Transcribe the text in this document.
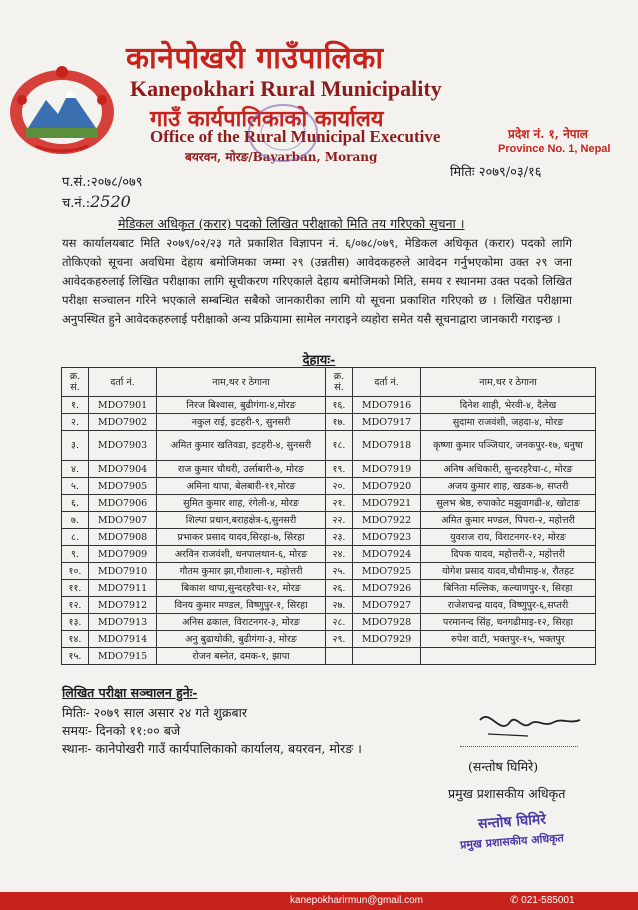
कानेपोखरी गाउँपालिका
Kanepokhari Rural Municipality
गाउँ कार्यपालिकाको कार्यालय
Office of the Rural Municipal Executive
बयरवन, मोरङ/Bayarban, Morang
प्रदेश नं. १, नेपाल
Province No. 1, Nepal
प.सं.:२०७८/०७९
च.नं.:2520
मितिः २०७९/०३/१६
मेडिकल अधिकृत (करार) पदको लिखित परीक्षाको मिति तय गरिएको सुचना ।
यस कार्यालयबाट मिति २०७९/०२/२३ गते प्रकाशित विज्ञापन नं. ६/०७८/०७९, मेडिकल अधिकृत (करार) पदको लागि तोकिएको सूचना अवधिमा देहाय बमोजिमका जम्मा २९ (उन्नतीस) आवेदकहरुले आवेदन गर्नुभएकोमा उक्त २९ जना आवेदकहरुलाई लिखित परीक्षाका लागि सूचीकरण गरिएकाले देहाय बमोजिमको मिति, समय र स्थानमा उक्त पदको लिखित परीक्षा सञ्चालन गरिने भएकाले सम्बन्धित सबैको जानकारीका लागि यो सूचना प्रकाशित गरिएको छ । लिखित परीक्षामा अनुपस्थित हुने आवेदकहरुलाई परीक्षाको अन्य प्रक्रियामा सामेल नगराइने व्यहोरा समेत यसै सूचनाद्वारा जानकारी गराइन्छ ।
देहायः-
क्र. सं.	दर्ता नं.	नाम,थर र ठेगाना	क्र. सं.	दर्ता नं.	नाम,थर र ठेगाना
१.	MDO7901	निरज बिश्वास, बुढीगंगा-४,मोरङ	१६.	MDO7916	दिनेश शाही, भेरवी-४, दैलेख
२.	MDO7902	नकुल राई, इटहरी-९, सुनसरी	१७.	MDO7917	सुदामा राजवंशी, जहदा-४, मोरङ
३.	MDO7903	अमित कुमार खतिवडा, इटहरी-४, सुनसरी	१८.	MDO7918	कृष्णा कुमार पञ्जियार, जनकपुर-१७, धनुषा
४.	MDO7904	राज कुमार चौधरी, उर्लाबारी-७, मोरङ	१९.	MDO7919	अनिष अधिकारी, सुन्दरहरैचा-८, मोरङ
५.	MDO7905	अमिना थापा, बेलबारी-११,मोरङ	२०.	MDO7920	अजय कुमार शाह, खडक-७, सप्तरी
६.	MDO7906	सुमित कुमार शाह, रंगेली-४, मोरङ	२१.	MDO7921	सुलभ श्रेष्ठ, रुपाकोट मझुवागढी-४, खोटाङ
७.	MDO7907	शिल्पा प्रधान,बराहक्षेत्र-६,सुनसरी	२२.	MDO7922	अमित कुमार मण्डल, पिपरा-२, महोत्तरी
८.	MDO7908	प्रभाकर प्रसाद यादव,सिरहा-७, सिरहा	२३.	MDO7923	युवराज राय, विराटनगर-१२, मोरङ
९.	MDO7909	अरविन राजवंशी, धनपालथान-६, मोरङ	२४.	MDO7924	दिपक यादव, महोत्तरी-२, महोत्तरी
१०.	MDO7910	गौतम कुमार झा,गौशाला-१, महोत्तरी	२५.	MDO7925	योगेश प्रसाद यादव,चौधीमाइ-४, रौतहट
११.	MDO7911	बिकाश थापा,सुन्दरहरैचा-१२, मोरङ	२६.	MDO7926	बिनिता मल्लिक, कल्याणपुर-१, सिरहा
१२.	MDO7912	विनय कुमार मण्डल, विष्णुपुर-१, सिरहा	२७.	MDO7927	राजेशचन्द्र यादव, विष्णुपुर-६,सप्तरी
१३.	MDO7913	अनिस ढकाल, विराटनगर-३, मोरङ	२८.	MDO7928	परमानन्द सिंह, धनगढीमाइ-१२, सिरहा
१४.	MDO7914	अनु बुढाथोकी, बुढीगंगा-३, मोरङ	२९.	MDO7929	रुपेश वाटी, भक्तपुर-१५, भक्तपुर
१५.	MDO7915	रोजन बस्नेत, दमक-१, झापा			
लिखित परीक्षा सञ्चालन हुनेः-
मितिः- २०७९ साल असार २४ गते शुक्रबार
समयः- दिनको ११:०० बजे
स्थानः- कानेपोखरी गाउँ कार्यपालिकाको कार्यालय, बयरवन, मोरङ ।
(सन्तोष घिमिरे)
प्रमुख प्रशासकीय अधिकृत
सन्तोष घिमिरे
प्रमुख प्रशासकीय अधिकृत
kanepokharirmun@gmail.com	✆ 021-585001
